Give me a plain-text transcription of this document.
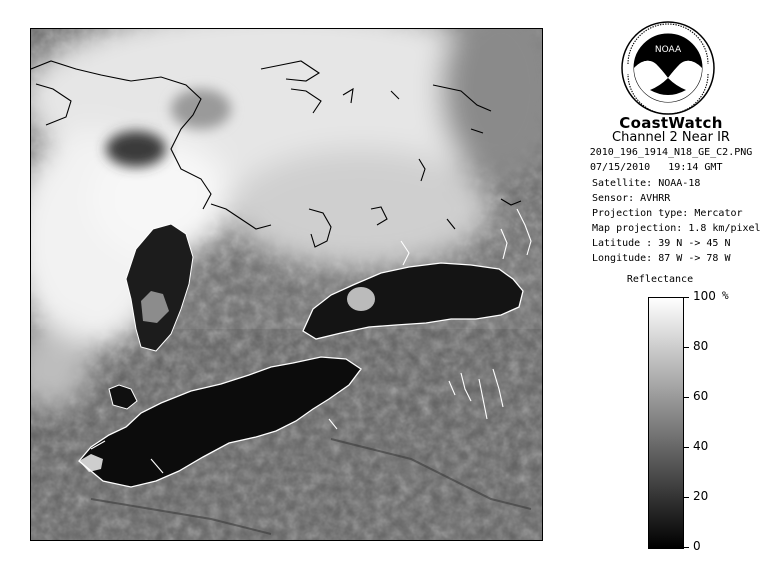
NOAA
CoastWatch
Channel 2 Near IR
2010_196_1914_N18_GE_C2.PNG
07/15/2010 19:14 GMT
Satellite: NOAA-18
Sensor: AVHRR
Projection type: Mercator
Map projection: 1.8 km/pixel
Latitude : 39 N -> 45 N
Longitude: 87 W -> 78 W
Reflectance
%
100
80
60
40
20
0
